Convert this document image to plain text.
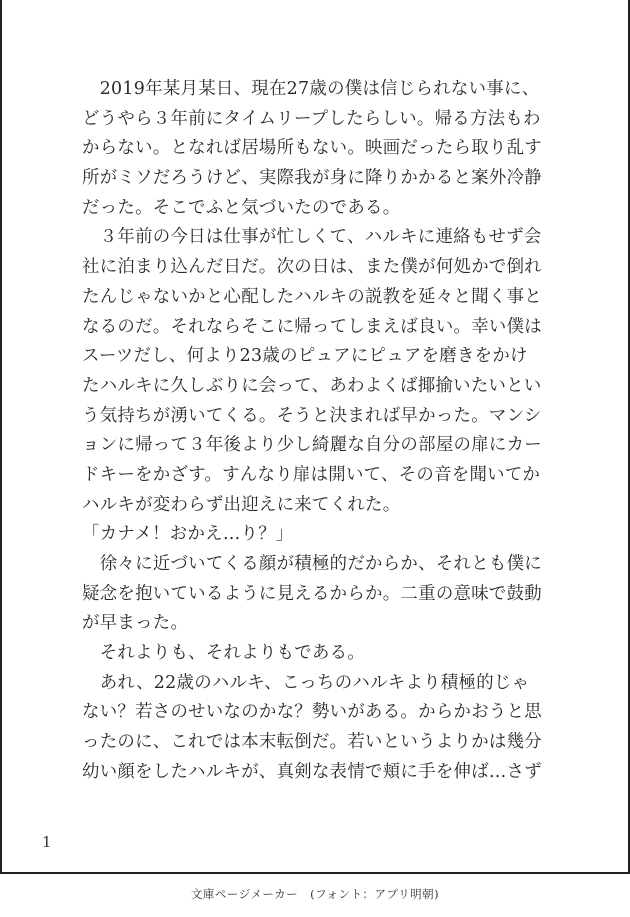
　2019年某月某日、現在27歳の僕は信じられない事に、
どうやら３年前にタイムリープしたらしい。帰る方法もわ
からない。となれば居場所もない。映画だったら取り乱す
所がミソだろうけど、実際我が身に降りかかると案外冷静
だった。そこでふと気づいたのである。
　３年前の今日は仕事が忙しくて、ハルキに連絡もせず会
社に泊まり込んだ日だ。次の日は、また僕が何処かで倒れ
たんじゃないかと心配したハルキの説教を延々と聞く事と
なるのだ。それならそこに帰ってしまえば良い。幸い僕は
スーツだし、何より23歳のピュアにピュアを磨きをかけ
たハルキに久しぶりに会って、あわよくば揶揄いたいとい
う気持ちが湧いてくる。そうと決まれば早かった。マンシ
ョンに帰って３年後より少し綺麗な自分の部屋の扉にカー
ドキーをかざす。すんなり扉は開いて、その音を聞いてか
ハルキが変わらず出迎えに来てくれた。
「カナメ！おかえ…り？」
　徐々に近づいてくる顔が積極的だからか、それとも僕に
疑念を抱いているように見えるからか。二重の意味で鼓動
が早まった。
　それよりも、それよりもである。
　あれ、22歳のハルキ、こっちのハルキより積極的じゃ
ない？若さのせいなのかな？勢いがある。からかおうと思
ったのに、これでは本末転倒だ。若いというよりかは幾分
幼い顔をしたハルキが、真剣な表情で頬に手を伸ば…さず
1
文庫ページメーカー　(フォント：アプリ明朝)
